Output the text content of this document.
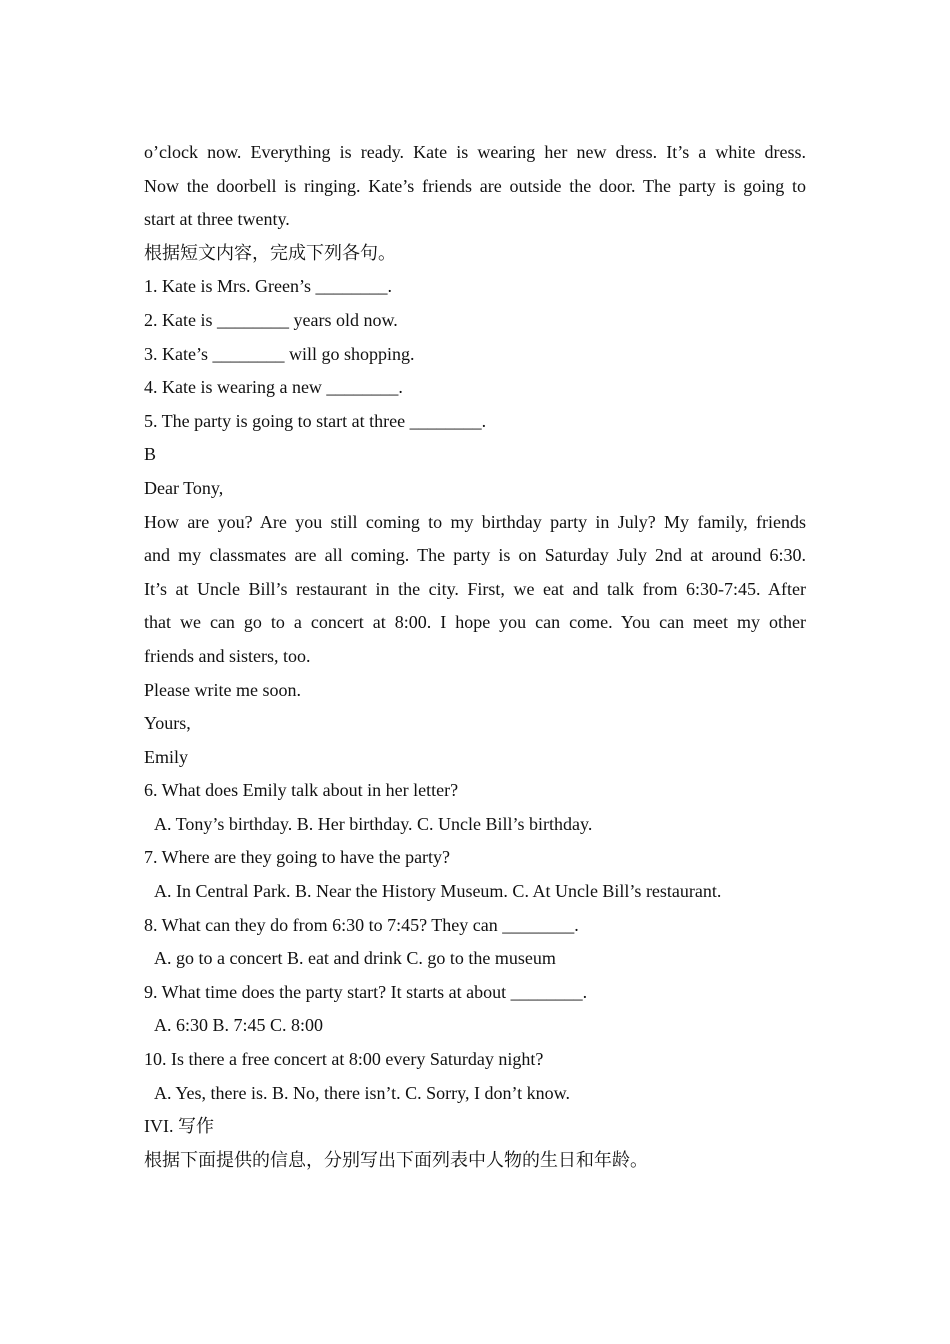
o’clock now. Everything is ready. Kate is wearing her new dress. It’s a white dress.
Now the doorbell is ringing. Kate’s friends are outside the door. The party is going to
start at three twenty.
根据短文内容，完成下列各句。
1. Kate is Mrs. Green’s ________.
2. Kate is ________ years old now.
3. Kate’s ________ will go shopping.
4. Kate is wearing a new ________.
5. The party is going to start at three ________.
B
Dear Tony,
How are you? Are you still coming to my birthday party in July? My family, friends
and my classmates are all coming. The party is on Saturday July 2nd at around 6:30.
It’s at Uncle Bill’s restaurant in the city. First, we eat and talk from 6:30-7:45. After
that we can go to a concert at 8:00. I hope you can come. You can meet my other
friends and sisters, too.
Please write me soon.
Yours,
Emily
6. What does Emily talk about in her letter?
A. Tony’s birthday. B. Her birthday. C. Uncle Bill’s birthday.
7. Where are they going to have the party?
A. In Central Park. B. Near the History Museum. C. At Uncle Bill’s restaurant.
8. What can they do from 6:30 to 7:45? They can ________.
A. go to a concert B. eat and drink C. go to the museum
9. What time does the party start? It starts at about ________.
A. 6:30 B. 7:45 C. 8:00
10. Is there a free concert at 8:00 every Saturday night?
A. Yes, there is. B. No, there isn’t. C. Sorry, I don’t know.
IVI. 写作
根据下面提供的信息，分别写出下面列表中人物的生日和年龄。
